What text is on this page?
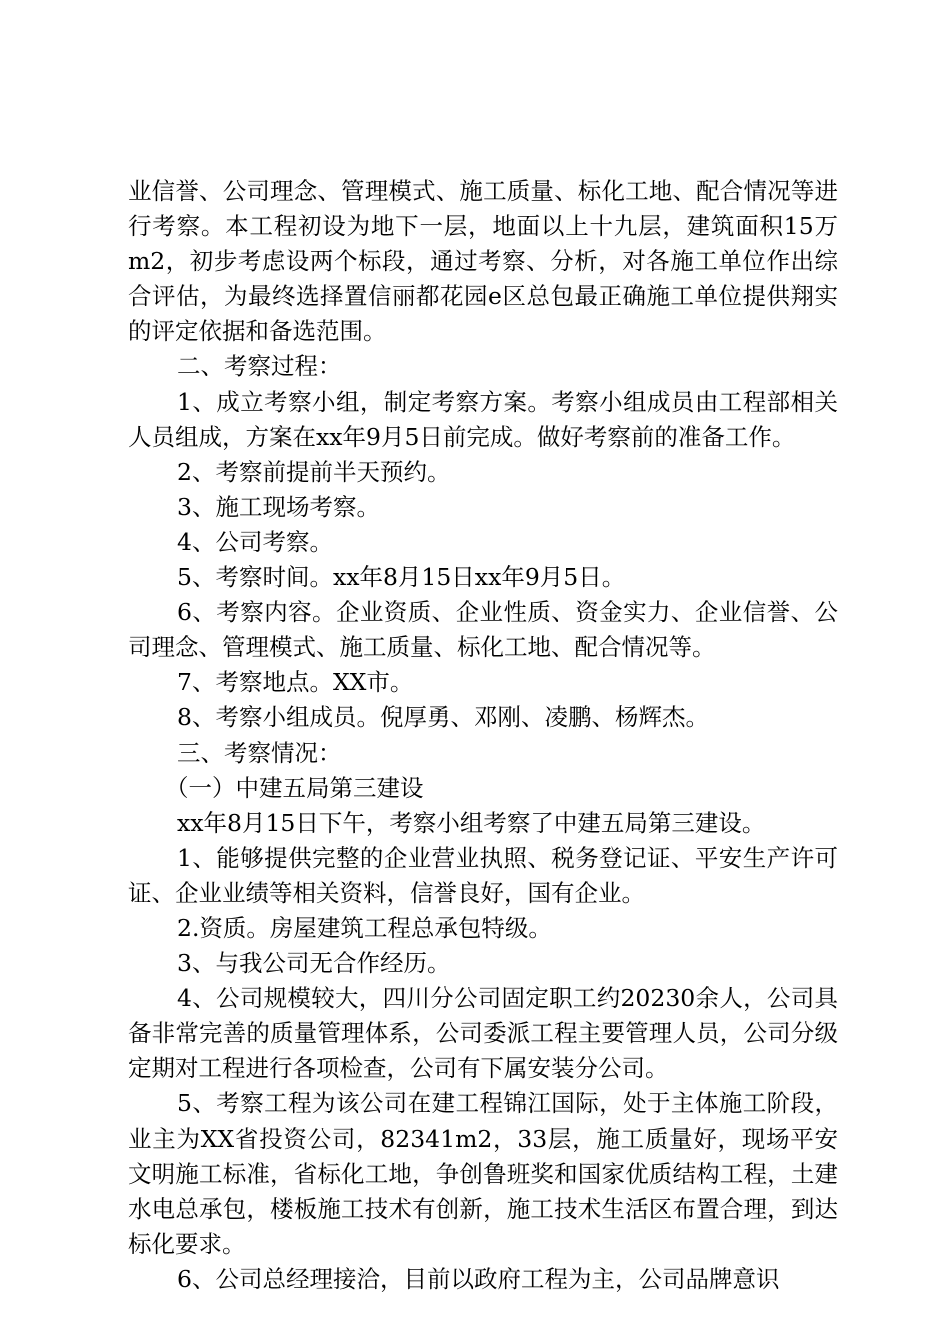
业信誉、公司理念、管理模式、施工质量、标化工地、配合情况等进行考察。本工程初设为地下一层，地面以上十九层，建筑面积15万m2，初步考虑设两个标段，通过考察、分析，对各施工单位作出综合评估，为最终选择置信丽都花园e区总包最正确施工单位提供翔实的评定依据和备选范围。

二、考察过程：

1、成立考察小组，制定考察方案。考察小组成员由工程部相关人员组成，方案在xx年9月5日前完成。做好考察前的准备工作。

2、考察前提前半天预约。

3、施工现场考察。

4、公司考察。

5、考察时间。xx年8月15日xx年9月5日。

6、考察内容。企业资质、企业性质、资金实力、企业信誉、公司理念、管理模式、施工质量、标化工地、配合情况等。

7、考察地点。XX市。

8、考察小组成员。倪厚勇、邓刚、凌鹏、杨辉杰。

三、考察情况：

（一）中建五局第三建设

xx年8月15日下午，考察小组考察了中建五局第三建设。

1、能够提供完整的企业营业执照、税务登记证、平安生产许可证、企业业绩等相关资料，信誉良好，国有企业。

2.资质。房屋建筑工程总承包特级。

3、与我公司无合作经历。

4、公司规模较大，四川分公司固定职工约20230余人，公司具备非常完善的质量管理体系，公司委派工程主要管理人员，公司分级定期对工程进行各项检查，公司有下属安装分公司。

5、考察工程为该公司在建工程锦江国际，处于主体施工阶段，业主为XX省投资公司，82341m2，33层，施工质量好，现场平安文明施工标准，省标化工地，争创鲁班奖和国家优质结构工程，土建水电总承包，楼板施工技术有创新，施工技术生活区布置合理，到达标化要求。

6、公司总经理接洽，目前以政府工程为主，公司品牌意识
